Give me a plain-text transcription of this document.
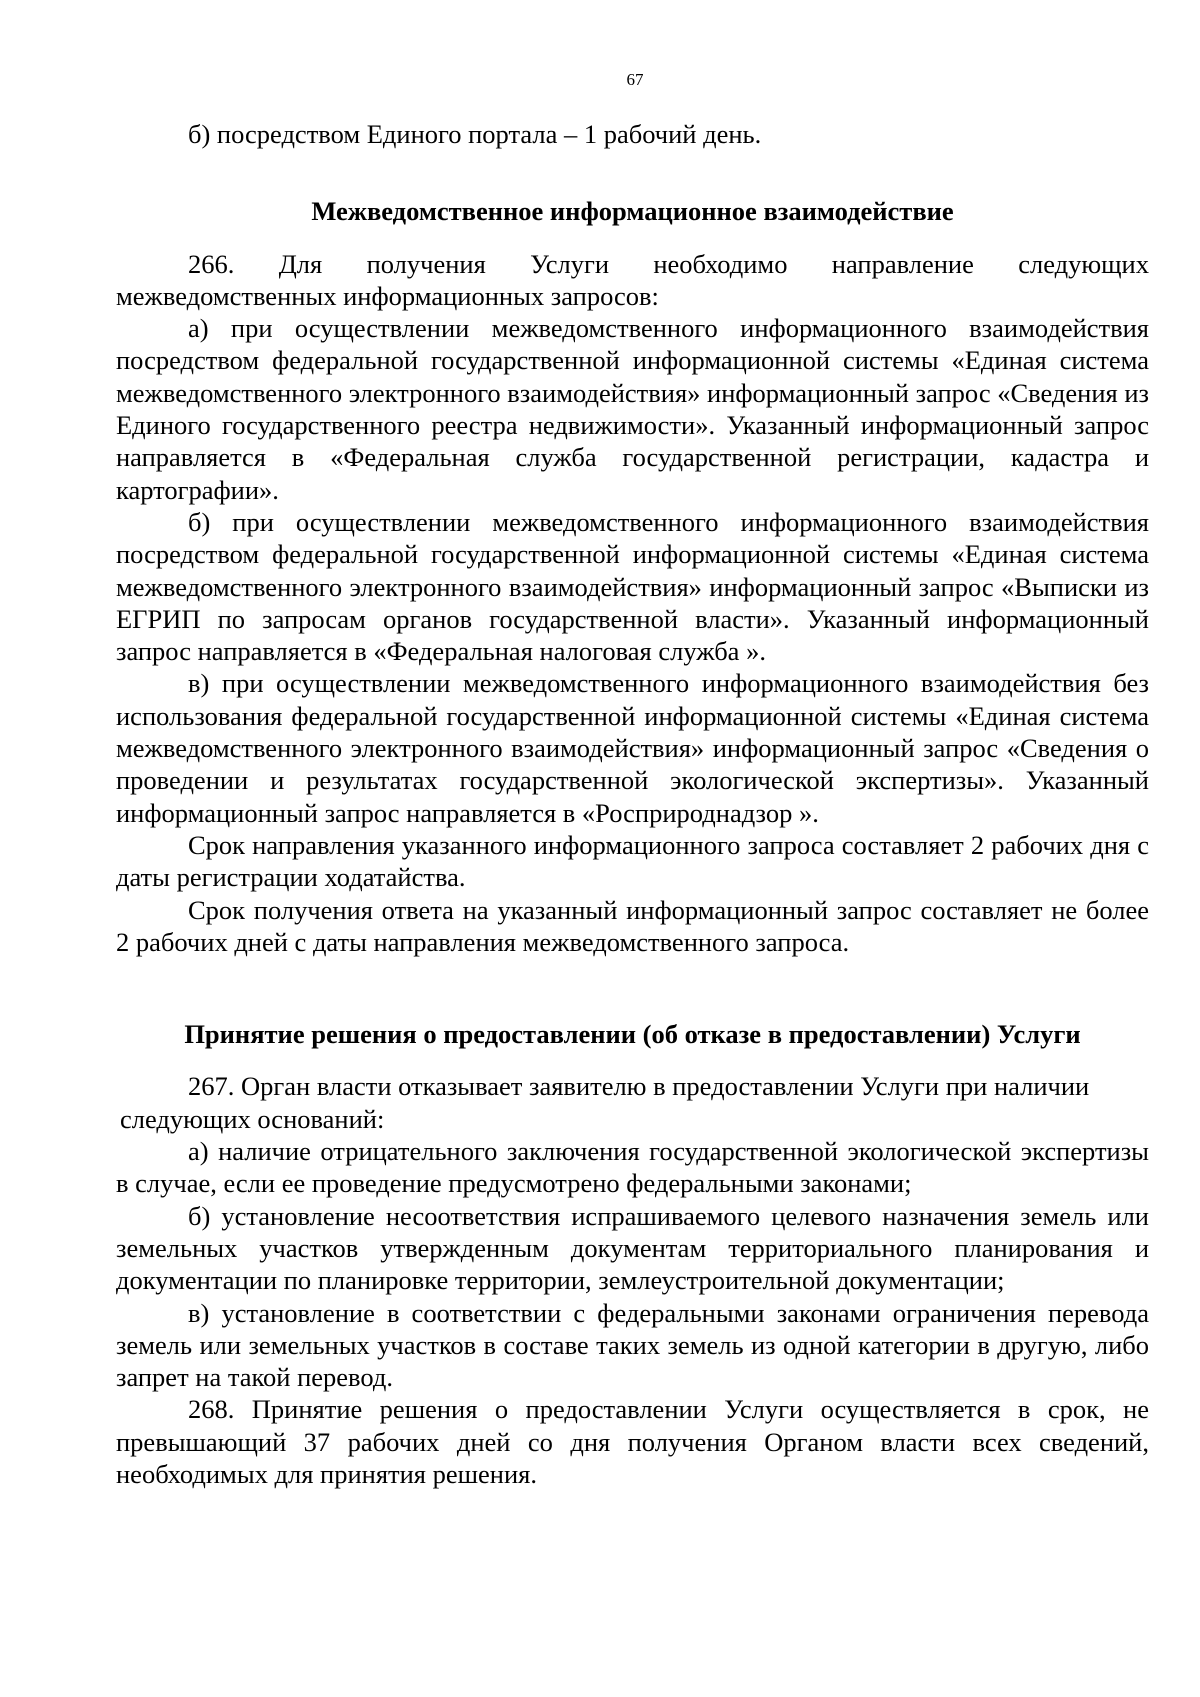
67

б) посредством Единого портала – 1 рабочий день.

Межведомственное информационное взаимодействие

266. Для получения Услуги необходимо направление следующих межведомственных информационных запросов:

а) при осуществлении межведомственного информационного взаимодействия посредством федеральной государственной информационной системы «Единая система межведомственного электронного взаимодействия» информационный запрос «Сведения из Единого государственного реестра недвижимости». Указанный информационный запрос направляется в «Федеральная служба государственной регистрации, кадастра и картографии».

б) при осуществлении межведомственного информационного взаимодействия посредством федеральной государственной информационной системы «Единая система межведомственного электронного взаимодействия» информационный запрос «Выписки из ЕГРИП по запросам органов государственной власти». Указанный информационный запрос направляется в «Федеральная налоговая служба ».

в) при осуществлении межведомственного информационного взаимодействия без использования федеральной государственной информационной системы «Единая система межведомственного электронного взаимодействия» информационный запрос «Сведения о проведении и результатах государственной экологической экспертизы». Указанный информационный запрос направляется в «Росприроднадзор ».

Срок направления указанного информационного запроса составляет 2 рабочих дня с даты регистрации ходатайства.

Срок получения ответа на указанный информационный запрос составляет не более 2 рабочих дней с даты направления межведомственного запроса.

Принятие решения о предоставлении (об отказе в предоставлении) Услуги

267. Орган власти отказывает заявителю в предоставлении Услуги при наличии
следующих оснований:

а) наличие отрицательного заключения государственной экологической экспертизы в случае, если ее проведение предусмотрено федеральными законами;

б) установление несоответствия испрашиваемого целевого назначения земель или земельных участков утвержденным документам территориального планирования и документации по планировке территории, землеустроительной документации;

в) установление в соответствии с федеральными законами ограничения перевода земель или земельных участков в составе таких земель из одной категории в другую, либо запрет на такой перевод.

268. Принятие решения о предоставлении Услуги осуществляется в срок, не превышающий 37 рабочих дней со дня получения Органом власти всех сведений, необходимых для принятия решения.
